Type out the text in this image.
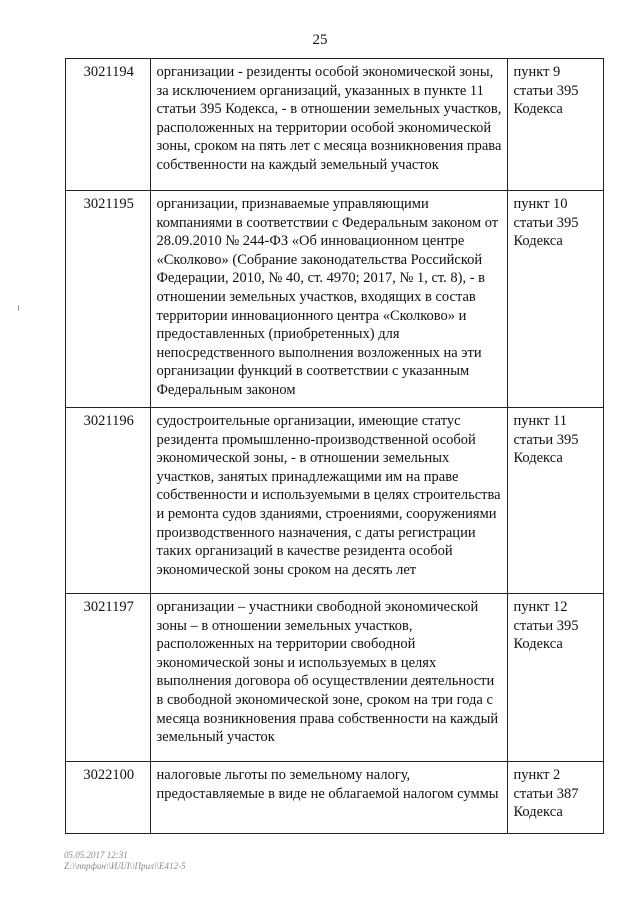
25
3021194	организации - резиденты особой экономической зоны, за исключением организаций, указанных в пункте 11 статьи 395 Кодекса, - в отношении земельных участков, расположенных на территории особой экономической зоны, сроком на пять лет с месяца возникновения права собственности на каждый земельный участок	пункт 9 статьи 395 Кодекса
3021195	организации, признаваемые управляющими компаниями в соответствии с Федеральным законом от 28.09.2010 № 244-ФЗ «Об инновационном центре «Сколково» (Собрание законодательства Российской Федерации, 2010, № 40, ст. 4970; 2017, № 1, ст. 8), - в отношении земельных участков, входящих в состав территории инновационного центра «Сколково» и предоставленных (приобретенных) для непосредственного выполнения возложенных на эти организации функций в соответствии с указанным Федеральным законом	пункт 10 статьи 395 Кодекса
3021196	судостроительные организации, имеющие статус резидента промышленно-производственной особой экономической зоны, - в отношении земельных участков, занятых принадлежащими им на праве собственности и используемыми в целях строительства и ремонта судов зданиями, строениями, сооружениями производственного назначения, с даты регистрации таких организаций в качестве резидента особой экономической зоны сроком на десять лет	пункт 11 статьи 395 Кодекса
3021197	организации – участники свободной экономической зоны – в отношении земельных участков, расположенных на территории свободной экономической зоны и используемых в целях выполнения договора об осуществлении деятельности в свободной экономической зоне, сроком на три года с месяца возникновения права собственности на каждый земельный участок	пункт 12 статьи 395 Кодекса
3022100	налоговые льготы по земельному налогу, предоставляемые в виде не облагаемой налогом суммы	пункт 2 статьи 387 Кодекса
05.05.2017 12:31
Z:\\ппрфин\\ИЛЛ\\Прил\\E412-5
